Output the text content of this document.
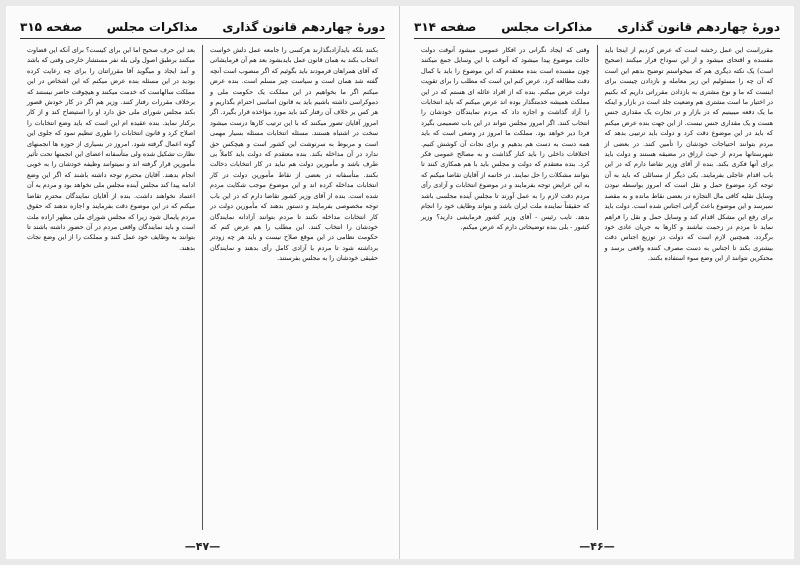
دورهٔ چهاردهم قانون گذاری
مذاکرات مجلس
صفحه ۳۱۵

بکنند بلکه بایدآزادبگذارند هرکسی را جامعه عمل دلش خواست انتخاب بکند به همان قانون عمل بایدبشود بعد هم آن فرمایشاتی که آقای همراهان فرمودند باید بگوئیم که اگر منصوب است آنچه گفته شد همان است و سیاست چیز مسلم است. بنده عرض میکنم اگر ما بخواهیم در این مملکت یک حکومت ملی و دموکراسی داشته باشیم باید به قانون اساسی احترام بگذاریم و هر کس بر خلاف آن رفتار کند باید مورد مؤاخذه قرار بگیرد. اگر امروز آقایان تصور میکنند که با این ترتیب کارها درست میشود سخت در اشتباه هستند. مسئله انتخابات مسئله بسیار مهمی است و مربوط به سرنوشت این کشور است و هیچکس حق ندارد در آن مداخله بکند. بنده معتقدم که دولت باید کاملاً بی طرف باشد و مأمورین دولت هم نباید در کار انتخابات دخالت بکنند. متأسفانه در بعضی از نقاط مأمورین دولت در کار انتخابات مداخله کرده اند و این موضوع موجب شکایت مردم شده است. بنده از آقای وزیر کشور تقاضا دارم که در این باب توجه مخصوصی بفرمایند و دستور بدهند که مأمورین دولت در کار انتخابات مداخله نکنند تا مردم بتوانند آزادانه نمایندگان خودشان را انتخاب کنند. این مطلب را هم عرض کنم که حکومت نظامی در این موقع صلاح نیست و باید هر چه زودتر برداشته شود تا مردم با آزادی کامل رأی بدهند و نمایندگان حقیقی خودشان را به مجلس بفرستند.

بعد این حرف صحیح اما این برای کیست؟ برای آنکه این قضاوت میکنند برطبق اصول ولی بله نفر مستشار خارجی وقتی که باشد و آمد ایجاد و میگوید آقا مقرراتتان را برای چه رعایت کرده بودید در این مسئله بنده عرض میکنم که این اشخاص در این مملکت سالهاست که خدمت میکنند و هیچوقت حاضر نیستند که برخلاف مقررات رفتار کنند. وزیر هم اگر در کار خودش قصور بکند مجلس شورای ملی حق دارد او را استیضاح کند و از کار برکنار نماید. بنده عقیده ام این است که باید وضع انتخابات را اصلاح کرد و قانون انتخابات را طوری تنظیم نمود که جلوی این گونه اعمال گرفته شود. امروز در بسیاری از حوزه ها انجمنهای نظارت تشکیل شده ولی متأسفانه اعضای این انجمنها تحت تأثیر مأمورین قرار گرفته اند و نمیتوانند وظیفه خودشان را به خوبی انجام بدهند. آقایان محترم توجه داشته باشند که اگر این وضع ادامه پیدا کند مجلس آینده مجلس ملی نخواهد بود و مردم به آن اعتماد نخواهند داشت. بنده از آقایان نمایندگان محترم تقاضا میکنم که در این موضوع دقت بفرمایند و اجازه ندهند که حقوق مردم پایمال شود زیرا که مجلس شورای ملی مظهر اراده ملت است و باید نمایندگان واقعی مردم در آن حضور داشته باشند تا بتوانند به وظایف خود عمل کنند و مملکت را از این وضع نجات بدهند.

—۴۷—
دورهٔ چهاردهم قانون گذاری
مذاکرات مجلس
صفحه ۳۱۴

مقرراست این عمل رخشه است که عرض کردیم از اینجا باید مفسده و اقتحای میشود و از این سوداخ فرار میکنند (صحیح است) یک نکته دیگری هم که میخواستم توضیح بدهم این است که آن چه را مسئولیم ابن زیر معامله و بازدادن چیست برای اینست که ما و نوع مشتری به بازدادن مقرراتی داریم که بکنیم در اختیار ما است مشتری هم وضعیت جلد است در بازار و اینکه ما یک دفعه میبینیم که در بازار و در تجارت یک مقداری جنس هست و یک مقداری جنس نیست. از این جهت بنده عرض میکنم که باید در این موضوع دقت کرد و دولت باید ترتیبی بدهد که مردم بتوانند احتیاجات خودشان را تأمین کنند. در بعضی از شهرستانها مردم از حیث ارزاق در مضیقه هستند و دولت باید برای آنها فکری بکند. بنده از آقای وزیر تقاضا دارم که در این باب اقدام عاجلی بفرمایند. یکی دیگر از مسائلی که باید به آن توجه کرد موضوع حمل و نقل است که امروز بواسطه نبودن وسایل نقلیه کافی مال التجاره در بعضی نقاط مانده و به مقصد نمیرسد و این موضوع باعث گرانی اجناس شده است. دولت باید برای رفع این مشکل اقدام کند و وسایل حمل و نقل را فراهم نماید تا مردم در زحمت نباشند و کارها به جریان عادی خود برگردد. همچنین لازم است که دولت در توزیع اجناس دقت بیشتری بکند تا اجناس به دست مصرف کننده واقعی برسد و محتکرین نتوانند از این وضع سوء استفاده بکنند.

وقتی که ایجاد نگرانی در افکار عمومی میشود آنوقت دولت حالت موضوع پیدا میشود که آنوقت با این وسایل جمع میکنند چون مفسده است بنده معتقدم که این موضوع را باید با کمال دقت مطالعه کرد. عرض کنم این است که مطلب را برای تقویت دولت عرض میکنم. بنده که از افراد عائله ای هستم که در این مملکت همیشه خدمتگذار بوده اند عرض میکنم که باید انتخابات را آزاد گذاشت و اجازه داد که مردم نمایندگان خودشان را انتخاب کنند. اگر امروز مجلس نتواند در این باب تصمیمی بگیرد فردا دیر خواهد بود. مملکت ما امروز در وضعی است که باید همه دست به دست هم بدهیم و برای نجات آن کوشش کنیم. اختلافات داخلی را باید کنار گذاشت و به مصالح عمومی فکر کرد. بنده معتقدم که دولت و مجلس باید با هم همکاری کنند تا بتوانند مشکلات را حل نمایند. در خاتمه از آقایان تقاضا میکنم که به این عرایض توجه بفرمایند و در موضوع انتخابات و آزادی رأی مردم دقت لازم را به عمل آورند تا مجلس آینده مجلسی باشد که حقیقتاً نماینده ملت ایران باشد و بتواند وظایف خود را انجام بدهد. نایب رئیس - آقای وزیر کشور فرمایشی دارید؟ وزیر کشور - بلی بنده توضیحاتی دارم که عرض میکنم.

—۴۶—
